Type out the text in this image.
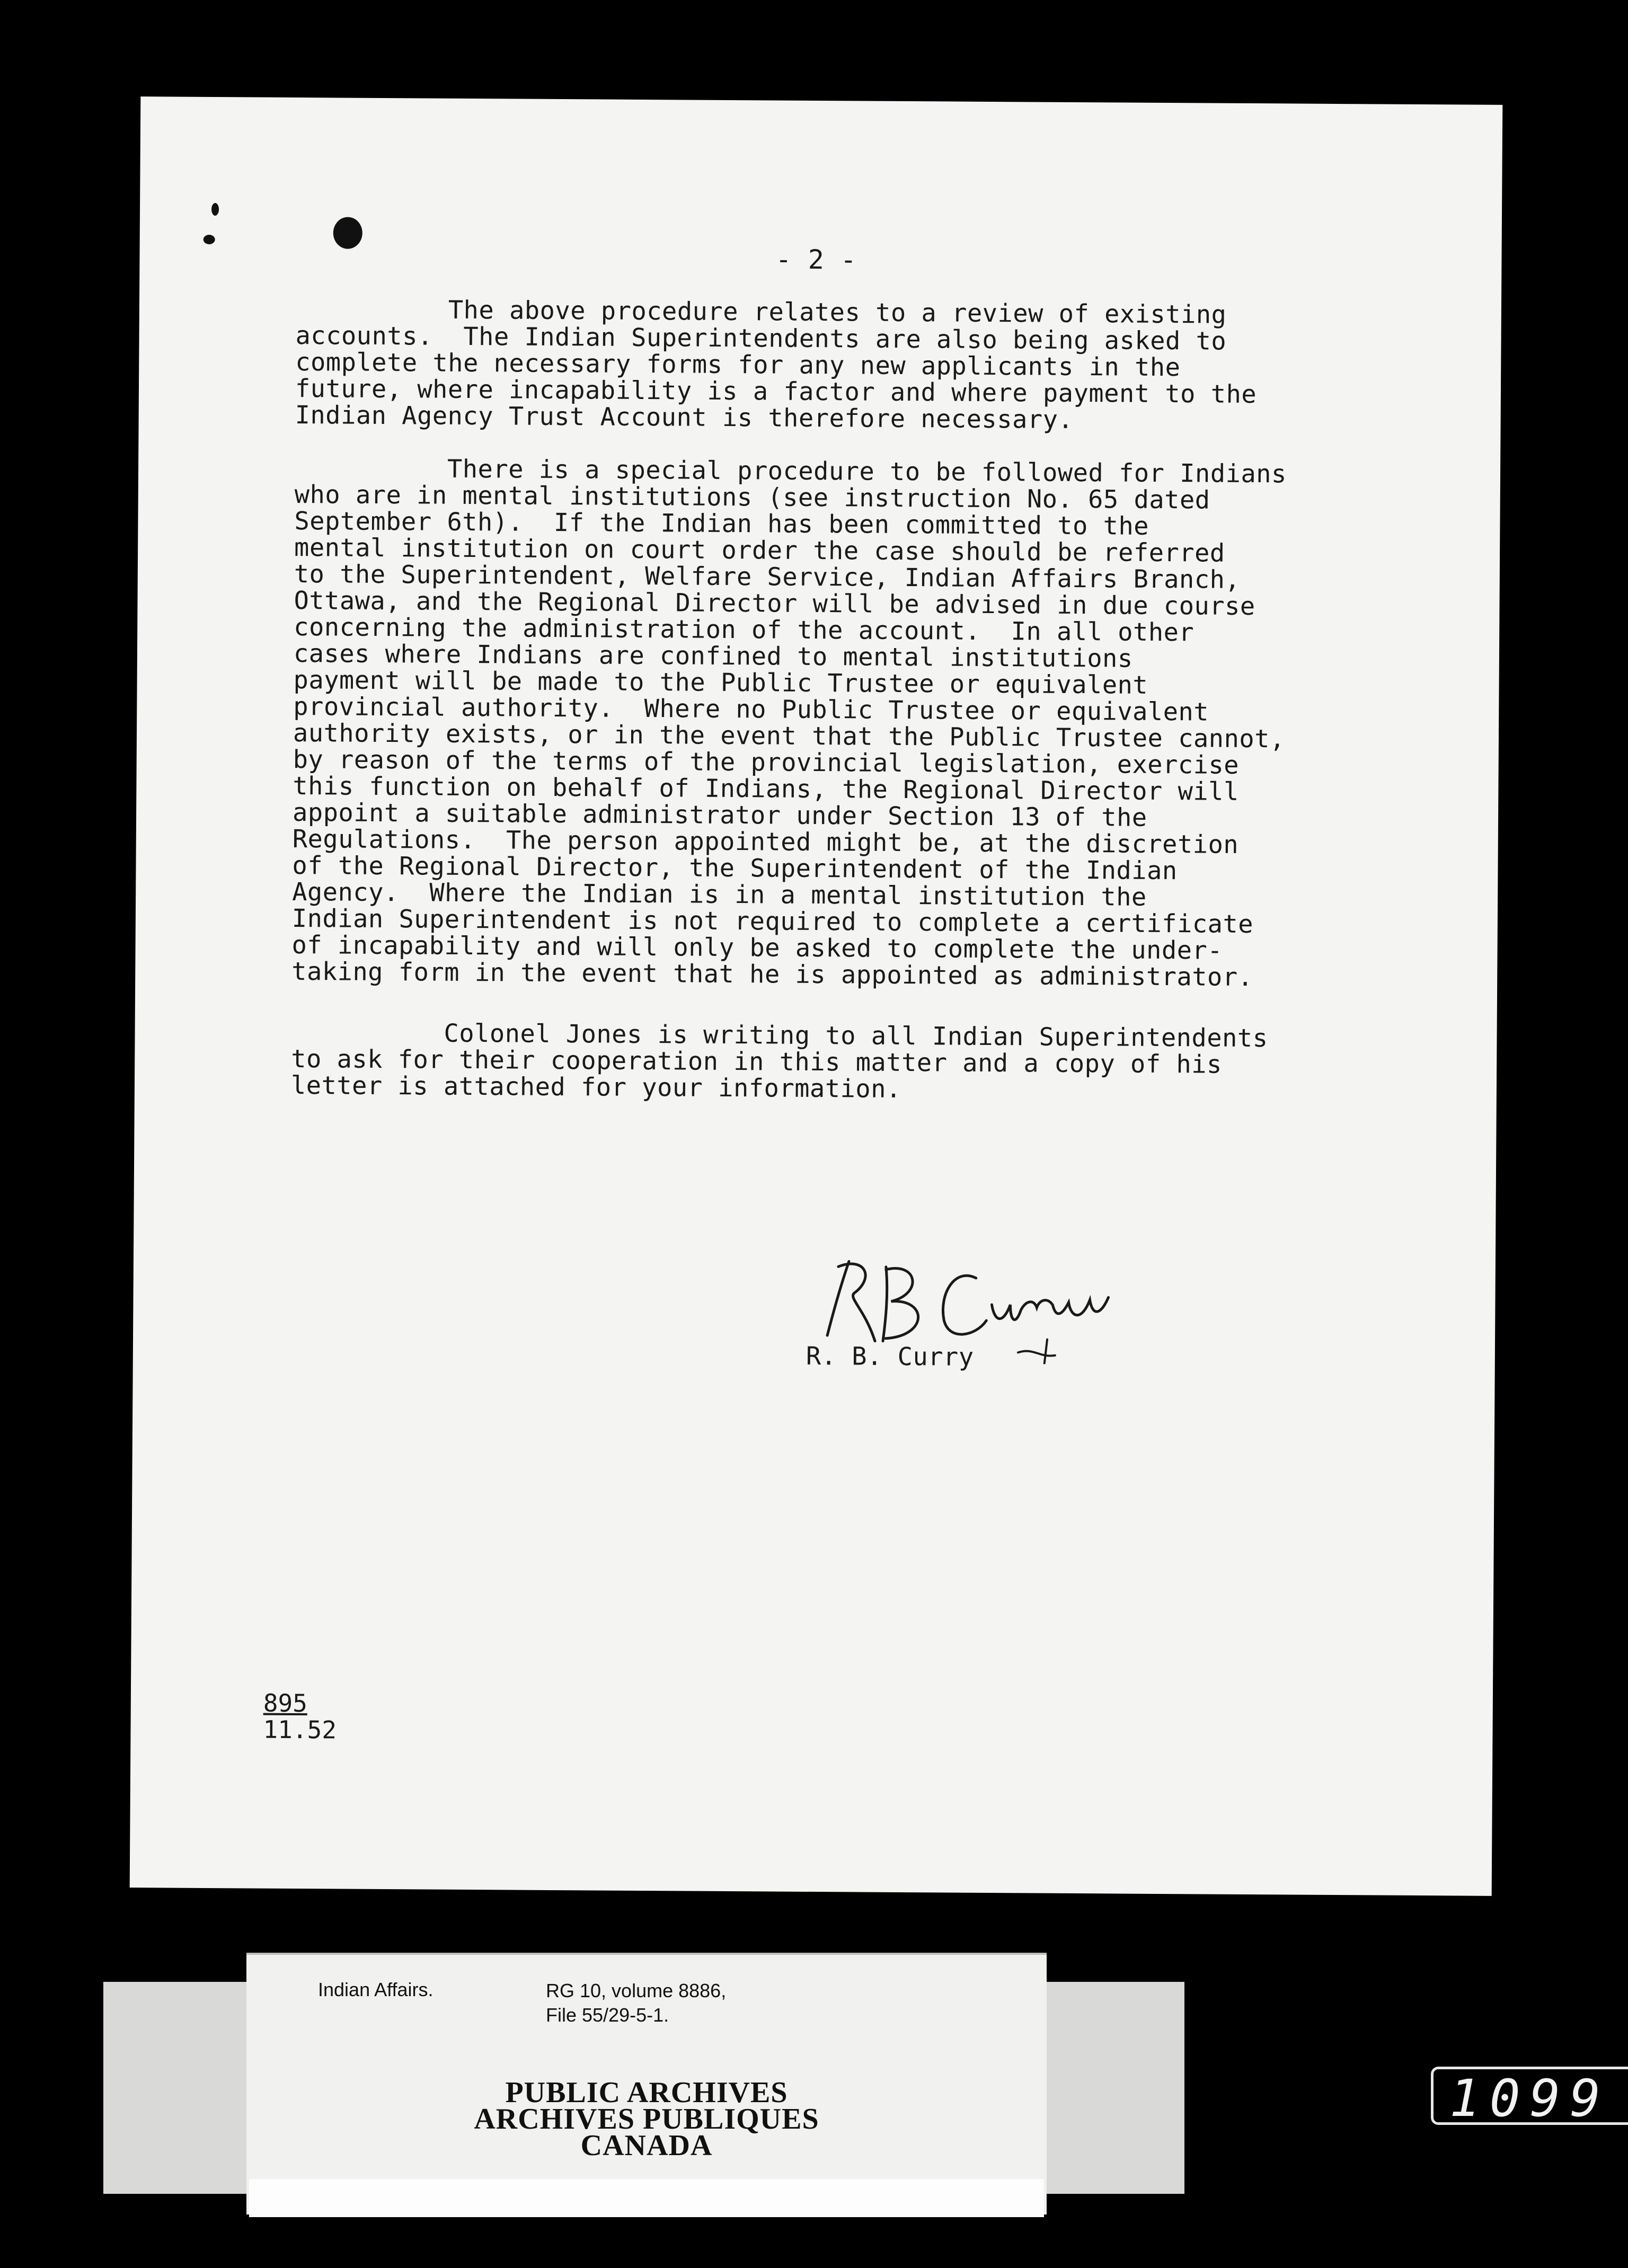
- 2 -
The above procedure relates to a review of existing
accounts.  The Indian Superintendents are also being asked to
complete the necessary forms for any new applicants in the
future, where incapability is a factor and where payment to the
Indian Agency Trust Account is therefore necessary.
There is a special procedure to be followed for Indians
who are in mental institutions (see instruction No. 65 dated
September 6th).  If the Indian has been committed to the
mental institution on court order the case should be referred
to the Superintendent, Welfare Service, Indian Affairs Branch,
Ottawa, and the Regional Director will be advised in due course
concerning the administration of the account.  In all other
cases where Indians are confined to mental institutions
payment will be made to the Public Trustee or equivalent
provincial authority.  Where no Public Trustee or equivalent
authority exists, or in the event that the Public Trustee cannot,
by reason of the terms of the provincial legislation, exercise
this function on behalf of Indians, the Regional Director will
appoint a suitable administrator under Section 13 of the
Regulations.  The person appointed might be, at the discretion
of the Regional Director, the Superintendent of the Indian
Agency.  Where the Indian is in a mental institution the
Indian Superintendent is not required to complete a certificate
of incapability and will only be asked to complete the under-
taking form in the event that he is appointed as administrator.
Colonel Jones is writing to all Indian Superintendents
to ask for their cooperation in this matter and a copy of his
letter is attached for your information.
R. B. Curry
895
11.52
Indian Affairs.	RG 10, volume 8886,
File 55/29-5-1.
PUBLIC ARCHIVES
ARCHIVES PUBLIQUES
CANADA
1099
